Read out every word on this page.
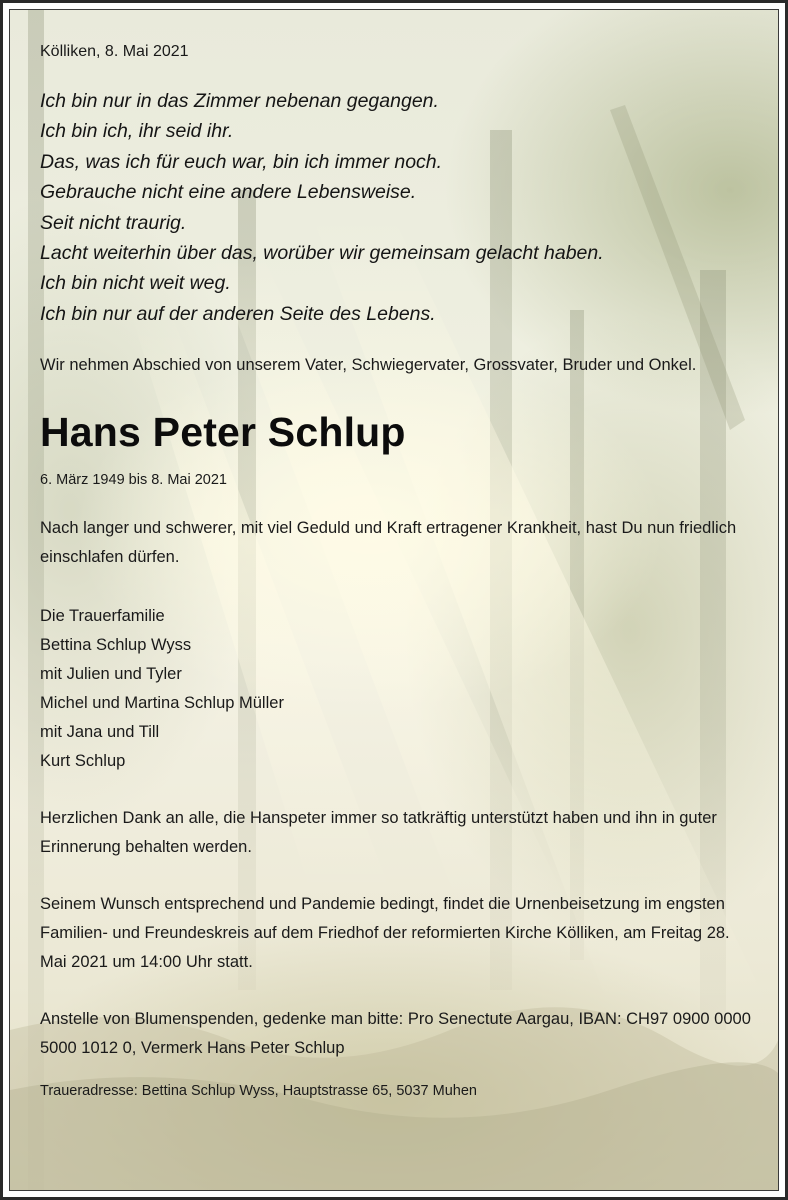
Kölliken, 8. Mai 2021
Ich bin nur in das Zimmer nebenan gegangen.
Ich bin ich, ihr seid ihr.
Das, was ich für euch war, bin ich immer noch.
Gebrauche nicht eine andere Lebensweise.
Seit nicht traurig.
Lacht weiterhin über das, worüber wir gemeinsam gelacht haben.
Ich bin nicht weit weg.
Ich bin nur auf der anderen Seite des Lebens.

Wir nehmen Abschied von unserem Vater, Schwiegervater, Grossvater, Bruder und Onkel.

Hans Peter Schlup
6. März 1949 bis 8. Mai 2021

Nach langer und schwerer, mit viel Geduld und Kraft ertragener Krankheit, hast Du nun friedlich einschlafen dürfen.

Die Trauerfamilie
Bettina Schlup Wyss
mit Julien und Tyler
Michel und Martina Schlup Müller
mit Jana und Till
Kurt Schlup

Herzlichen Dank an alle, die Hanspeter immer so tatkräftig unterstützt haben und ihn in guter Erinnerung behalten werden.

Seinem Wunsch entsprechend und Pandemie bedingt, findet die Urnenbeisetzung im engsten Familien- und Freundeskreis auf dem Friedhof der reformierten Kirche Kölliken, am Freitag 28. Mai 2021 um 14:00 Uhr statt.

Anstelle von Blumenspenden, gedenke man bitte: Pro Senectute Aargau, IBAN: CH97 0900 0000 5000 1012 0, Vermerk Hans Peter Schlup

Traueradresse: Bettina Schlup Wyss, Hauptstrasse 65, 5037 Muhen
